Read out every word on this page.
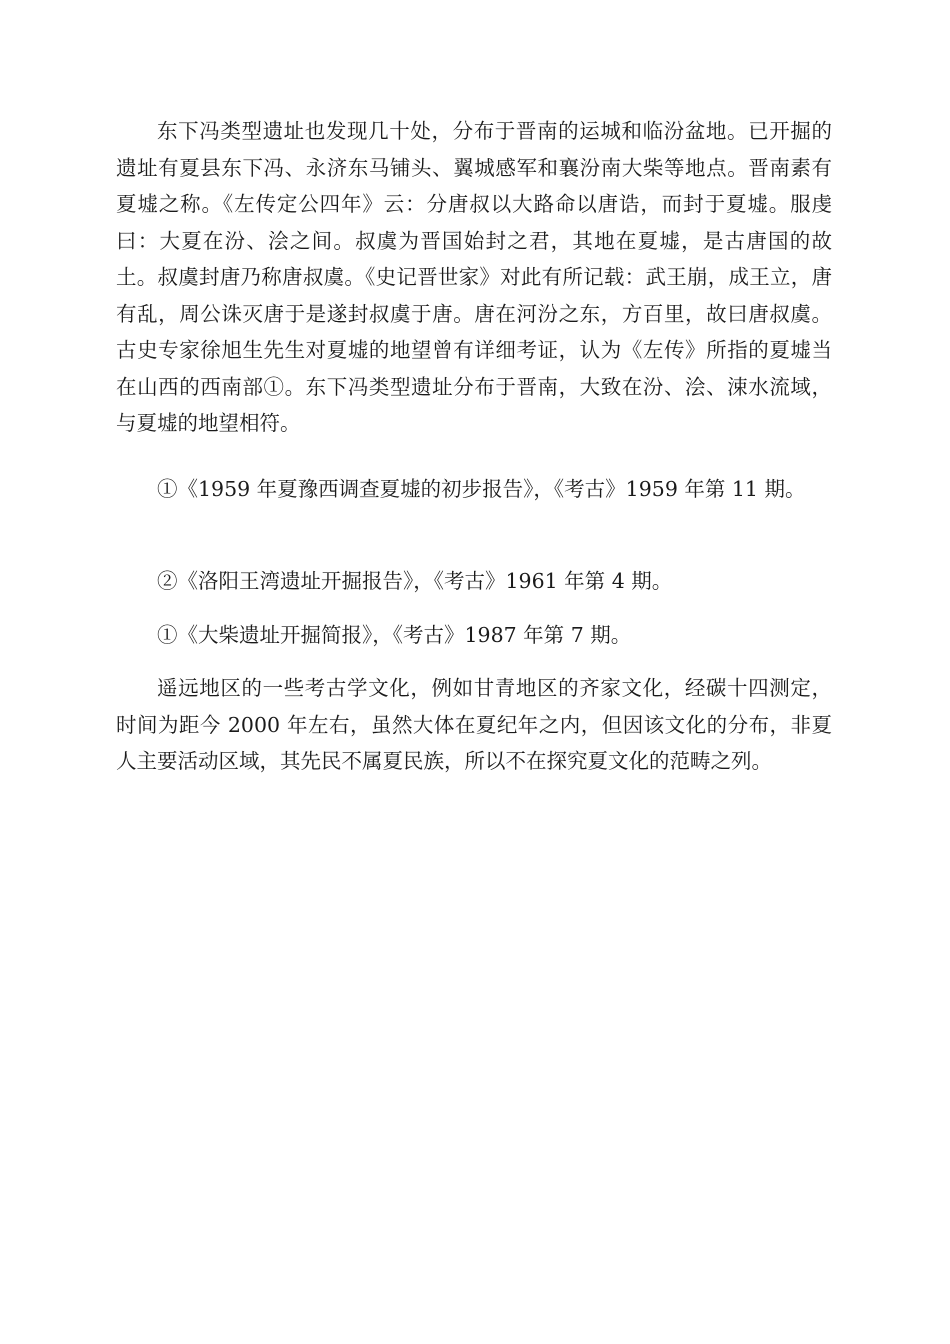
东下冯类型遗址也发现几十处，分布于晋南的运城和临汾盆地。已开掘的遗址有夏县东下冯、永济东马铺头、翼城感军和襄汾南大柴等地点。晋南素有夏墟之称。《左传定公四年》云：分唐叔以大路命以唐诰，而封于夏墟。服虔曰：大夏在汾、浍之间。叔虞为晋国始封之君，其地在夏墟，是古唐国的故土。叔虞封唐乃称唐叔虞。《史记晋世家》对此有所记载：武王崩，成王立，唐有乱，周公诛灭唐于是遂封叔虞于唐。唐在河汾之东，方百里，故曰唐叔虞。古史专家徐旭生先生对夏墟的地望曾有详细考证，认为《左传》所指的夏墟当在山西的西南部①。东下冯类型遗址分布于晋南，大致在汾、浍、涑水流域，与夏墟的地望相符。

①《1959 年夏豫西调查夏墟的初步报告》，《考古》1959 年第 11 期。

②《洛阳王湾遗址开掘报告》，《考古》1961 年第 4 期。

①《大柴遗址开掘简报》，《考古》1987 年第 7 期。

遥远地区的一些考古学文化，例如甘青地区的齐家文化，经碳十四测定，时间为距今 2000 年左右，虽然大体在夏纪年之内，但因该文化的分布，非夏人主要活动区域，其先民不属夏民族，所以不在探究夏文化的范畴之列。
